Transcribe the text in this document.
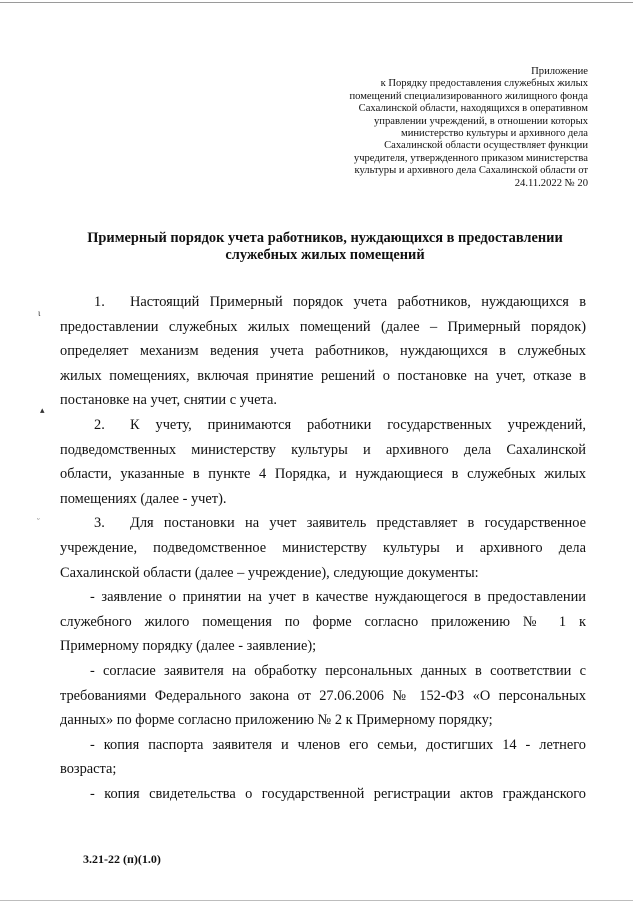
ι
▴
ᵕ
Приложение
к Порядку предоставления служебных жилых
помещений специализированного жилищного фонда
Сахалинской области, находящихся в оперативном
управлении учреждений, в отношении которых
министерство культуры и архивного дела
Сахалинской области осуществляет функции
учредителя, утвержденного приказом министерства
культуры и архивного дела Сахалинской области от
24.11.2022 № 20
Примерный порядок учета работников, нуждающихся в предоставлении
служебных жилых помещений
1. Настоящий Примерный порядок учета работников, нуждающихся в
предоставлении служебных жилых помещений (далее – Примерный порядок)
определяет механизм ведения учета работников, нуждающихся в служебных
жилых помещениях, включая принятие решений о постановке на учет, отказе в
постановке на учет, снятии с учета.
2. К учету, принимаются работники государственных учреждений,
подведомственных министерству культуры и архивного дела Сахалинской
области, указанные в пункте 4 Порядка, и нуждающиеся в служебных жилых
помещениях (далее - учет).
3. Для постановки на учет заявитель представляет в государственное
учреждение, подведомственное министерству культуры и архивного дела
Сахалинской области (далее – учреждение), следующие документы:
- заявление о принятии на учет в качестве нуждающегося в предоставлении
служебного жилого помещения по форме согласно приложению № 1 к
Примерному порядку (далее - заявление);
- согласие заявителя на обработку персональных данных в соответствии с
требованиями Федерального закона от 27.06.2006 № 152-ФЗ «О персональных
данных» по форме согласно приложению № 2 к Примерному порядку;
- копия паспорта заявителя и членов его семьи, достигших 14 - летнего
возраста;
- копия свидетельства о государственной регистрации актов гражданского
3.21-22 (п)(1.0)
